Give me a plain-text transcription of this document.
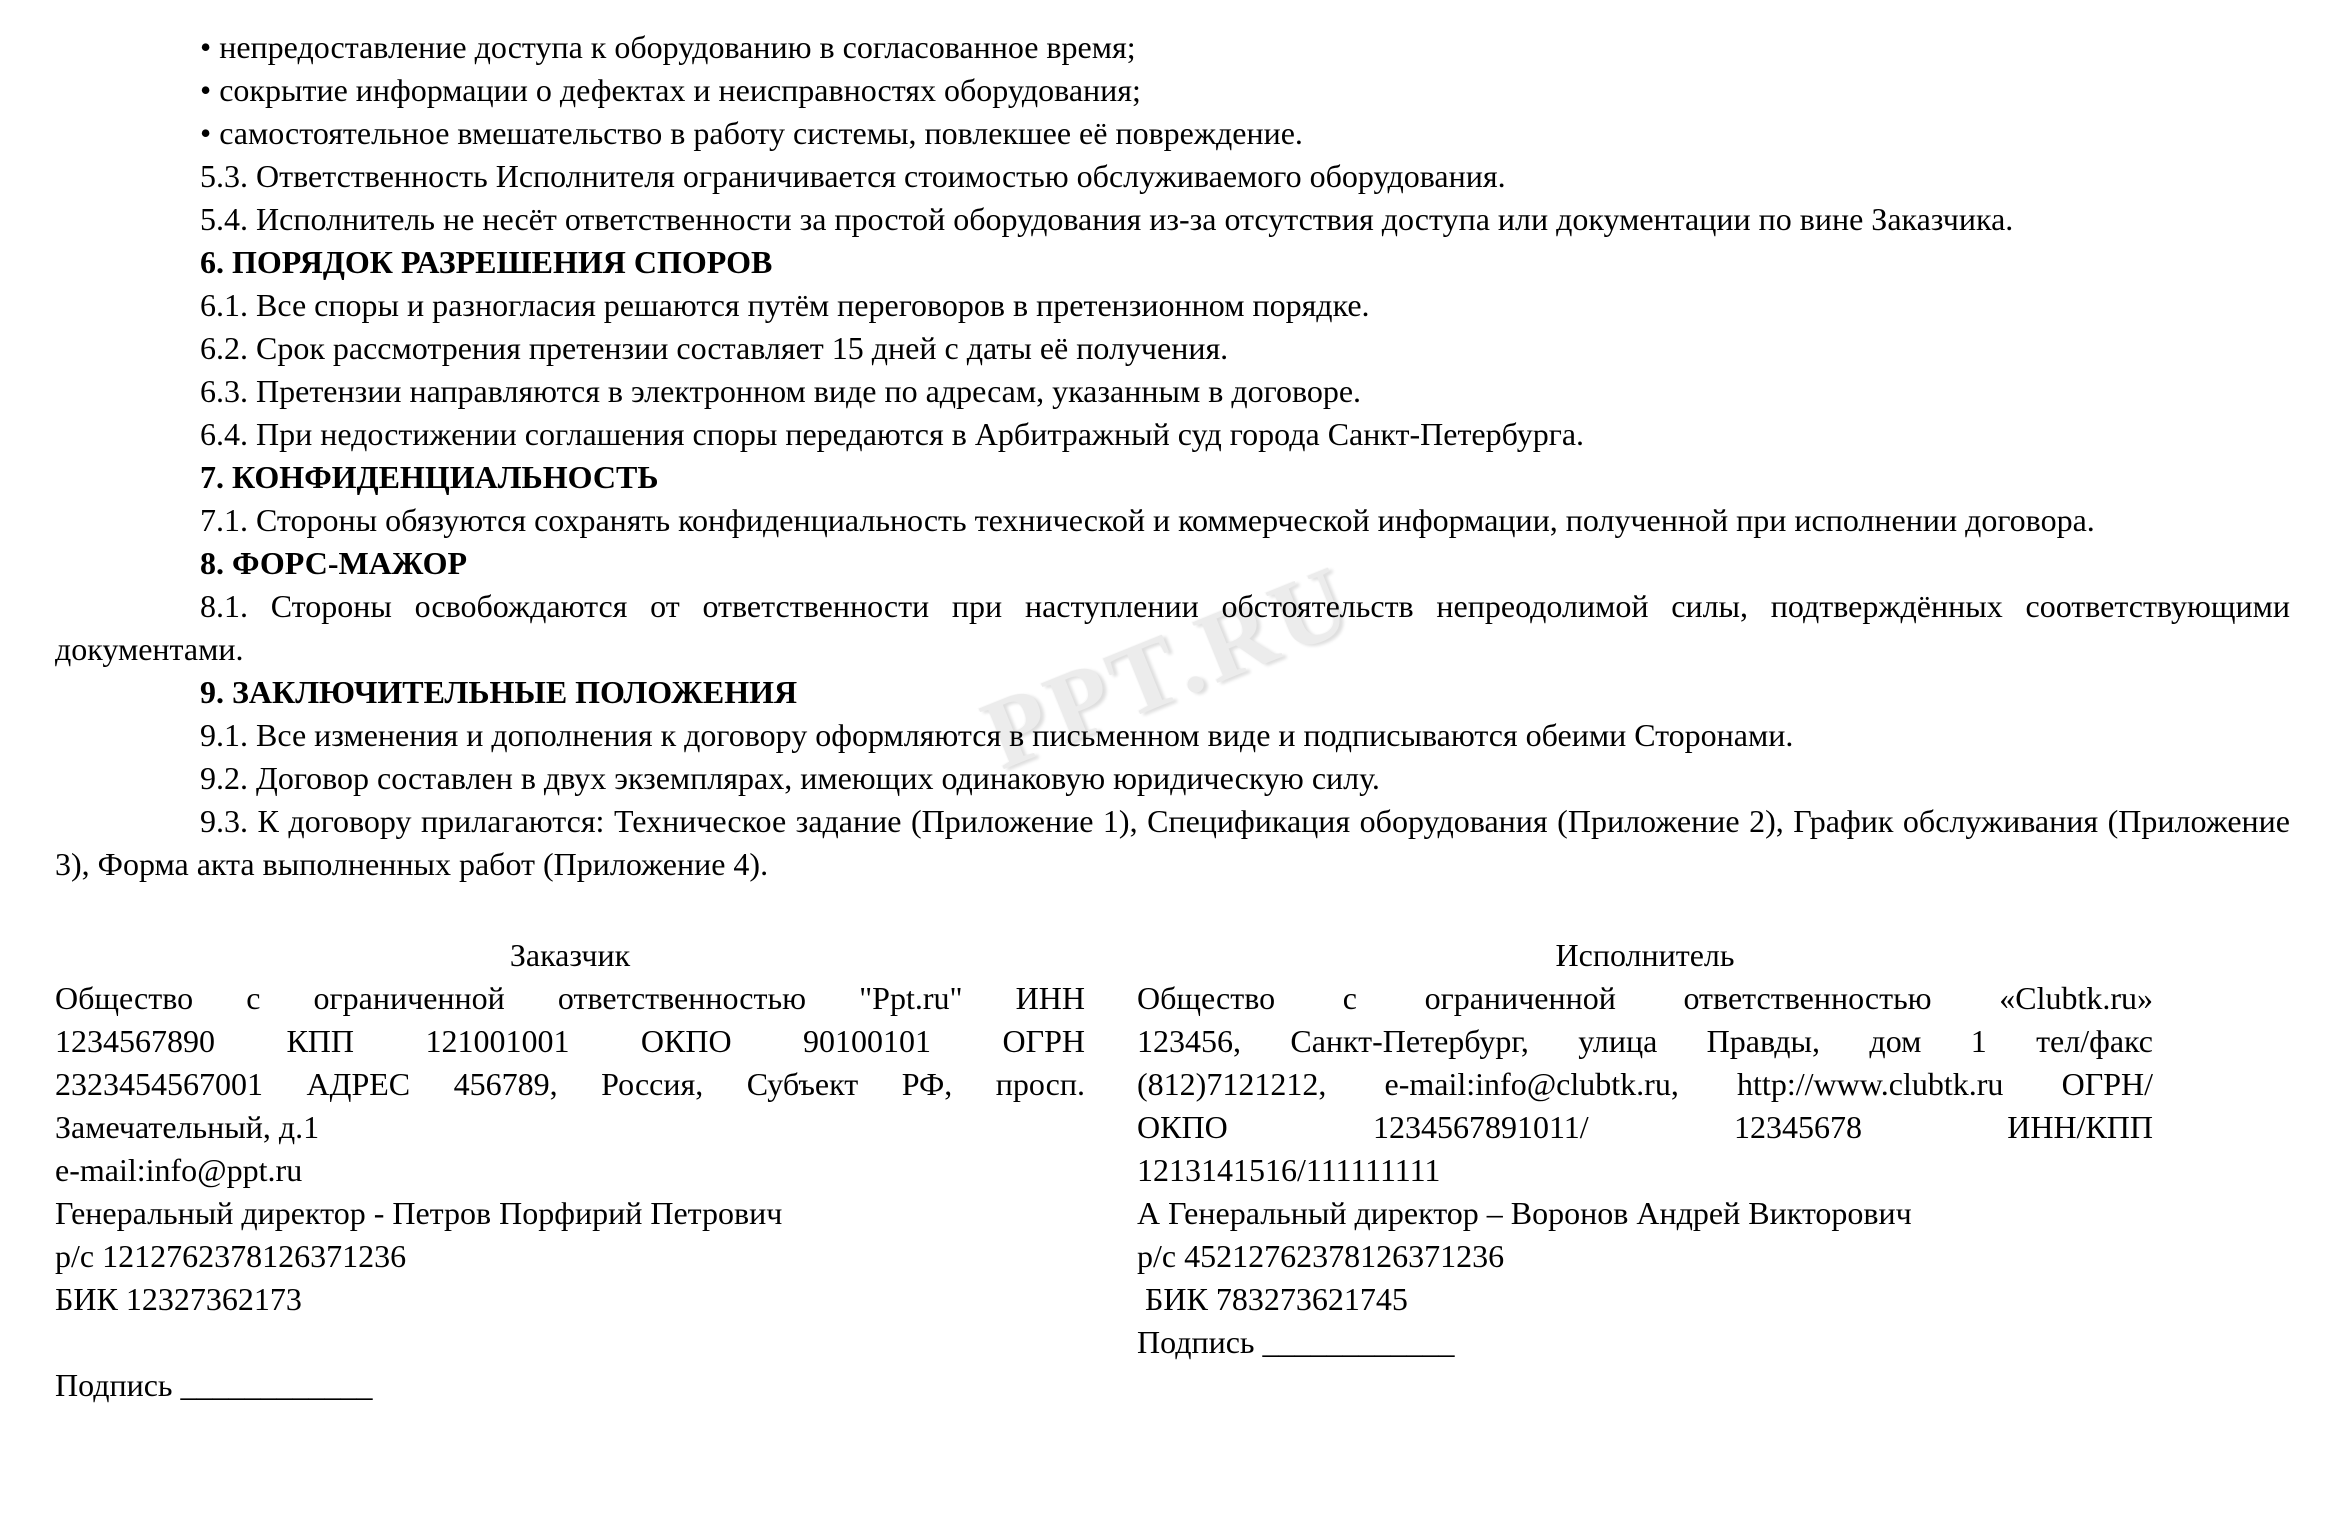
PPT.RU

• непредоставление доступа к оборудованию в согласованное время;

• сокрытие информации о дефектах и неисправностях оборудования;

• самостоятельное вмешательство в работу системы, повлекшее её повреждение.

5.3. Ответственность Исполнителя ограничивается стоимостью обслуживаемого оборудования.

5.4. Исполнитель не несёт ответственности за простой оборудования из-за отсутствия доступа или документации по вине Заказчика.

6. ПОРЯДОК РАЗРЕШЕНИЯ СПОРОВ

6.1. Все споры и разногласия решаются путём переговоров в претензионном порядке.

6.2. Срок рассмотрения претензии составляет 15 дней с даты её получения.

6.3. Претензии направляются в электронном виде по адресам, указанным в договоре.

6.4. При недостижении соглашения споры передаются в Арбитражный суд города Санкт-Петербурга.

7. КОНФИДЕНЦИАЛЬНОСТЬ

7.1. Стороны обязуются сохранять конфиденциальность технической и коммерческой информации, полученной при исполнении договора.

8. ФОРС-МАЖОР

8.1. Стороны освобождаются от ответственности при наступлении обстоятельств непреодолимой силы, подтверждённых соответствующими документами.

9. ЗАКЛЮЧИТЕЛЬНЫЕ ПОЛОЖЕНИЯ

9.1. Все изменения и дополнения к договору оформляются в письменном виде и подписываются обеими Сторонами.

9.2. Договор составлен в двух экземплярах, имеющих одинаковую юридическую силу.

9.3. К договору прилагаются: Техническое задание (Приложение 1), Спецификация оборудования (Приложение 2), График обслуживания (Приложение 3), Форма акта выполненных работ (Приложение 4).

Заказчик
Общество с ограниченной ответственностью "Ppt.ru" ИНН
1234567890 КПП 121001001 ОКПО 90100101 ОГРН
2323454567001 АДРЕС 456789, Россия, Субъект РФ, просп.
Замечательный, д.1
e-mail:info@ppt.ru
Генеральный директор - Петров Порфирий Петрович
р/с 1212762378126371236
БИК 12327362173
Подпись ____________
Исполнитель
Общество с ограниченной ответственностью «Clubtk.ru»
123456, Санкт-Петербург, улица Правды, дом 1 тел/факс
(812)7121212, e-mail:info@clubtk.ru, http://www.clubtk.ru ОГРН/
ОКПО 1234567891011/ 12345678 ИНН/КПП
1213141516/111111111
А Генеральный директор – Воронов Андрей Викторович
р/с 45212762378126371236
БИК 783273621745
Подпись ____________
